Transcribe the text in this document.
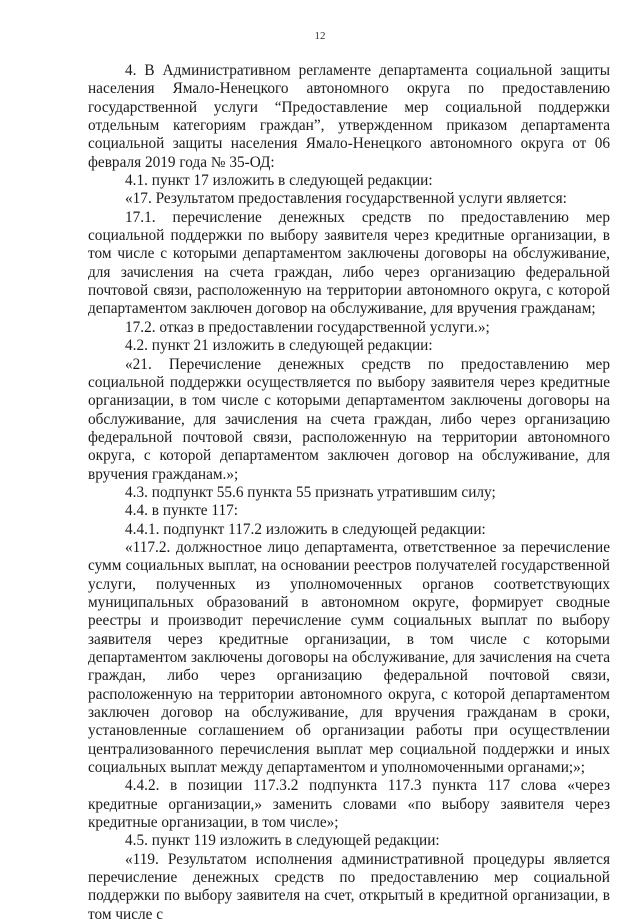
12

4. В Административном регламенте департамента социальной защиты населения Ямало-Ненецкого автономного округа по предоставлению государственной услуги “Предоставление мер социальной поддержки отдельным категориям граждан”, утвержденном приказом департамента социальной защиты населения Ямало-Ненецкого автономного округа от 06 февраля 2019 года № 35-ОД:

4.1. пункт 17 изложить в следующей редакции:

«17. Результатом предоставления государственной услуги является:

17.1. перечисление денежных средств по предоставлению мер социальной поддержки по выбору заявителя через кредитные организации, в том числе с которыми департаментом заключены договоры на обслуживание, для зачисления на счета граждан, либо через организацию федеральной почтовой связи, расположенную на территории автономного округа, с которой департаментом заключен договор на обслуживание, для вручения гражданам;

17.2. отказ в предоставлении государственной услуги.»;

4.2. пункт 21 изложить в следующей редакции:

«21. Перечисление денежных средств по предоставлению мер социальной поддержки осуществляется по выбору заявителя через кредитные организации, в том числе с которыми департаментом заключены договоры на обслуживание, для зачисления на счета граждан, либо через организацию федеральной почтовой связи, расположенную на территории автономного округа, с которой департаментом заключен договор на обслуживание, для вручения гражданам.»;

4.3. подпункт 55.6 пункта 55 признать утратившим силу;

4.4. в пункте 117:

4.4.1. подпункт 117.2 изложить в следующей редакции:

«117.2. должностное лицо департамента, ответственное за перечисление сумм социальных выплат, на основании реестров получателей государственной услуги, полученных из уполномоченных органов соответствующих муниципальных образований в автономном округе, формирует сводные реестры и производит перечисление сумм социальных выплат по выбору заявителя через кредитные организации, в том числе с которыми департаментом заключены договоры на обслуживание, для зачисления на счета граждан, либо через организацию федеральной почтовой связи, расположенную на территории автономного округа, с которой департаментом заключен договор на обслуживание, для вручения гражданам в сроки, установленные соглашением об организации работы при осуществлении централизованного перечисления выплат мер социальной поддержки и иных социальных выплат между департаментом и уполномоченными органами;»;

4.4.2. в позиции 117.3.2 подпункта 117.3 пункта 117 слова «через кредитные организации,» заменить словами «по выбору заявителя через кредитные организации, в том числе»;

4.5. пункт 119 изложить в следующей редакции:

«119. Результатом исполнения административной процедуры является перечисление денежных средств по предоставлению мер социальной поддержки по выбору заявителя на счет, открытый в кредитной организации, в том числе с
